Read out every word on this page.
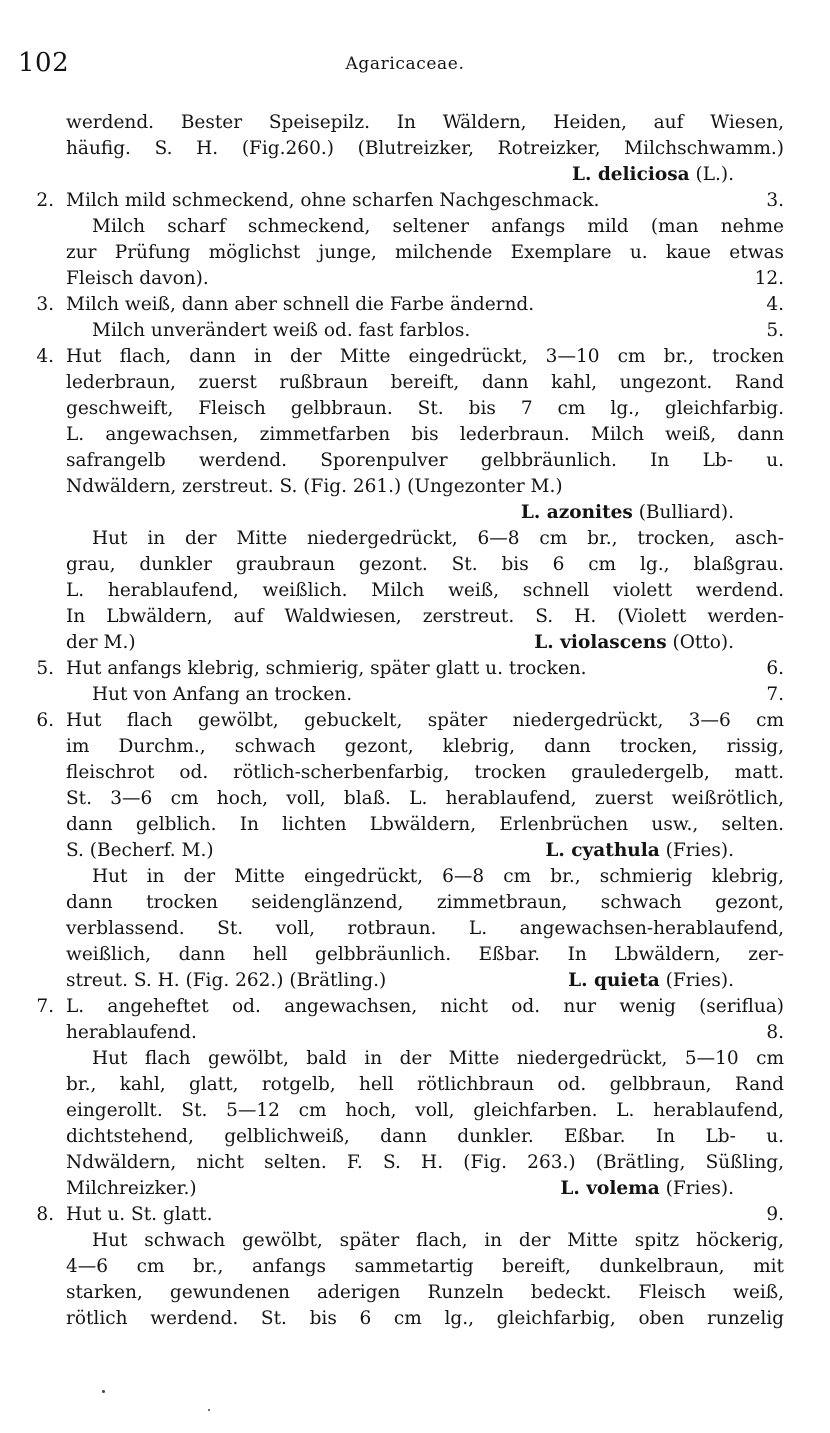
102	Agaricaceae.
werdend. Bester Speisepilz. In Wäldern, Heiden, auf Wiesen,
häufig. S. H. (Fig.260.) (Blutreizker, Rotreizker, Milchschwamm.)
L. deliciosa (L.).
2. Milch mild schmeckend, ohne scharfen Nachgeschmack.	3.
Milch scharf schmeckend, seltener anfangs mild (man nehme
zur Prüfung möglichst junge, milchende Exemplare u. kaue etwas
Fleisch davon).	12.
3. Milch weiß, dann aber schnell die Farbe ändernd.	4.
Milch unverändert weiß od. fast farblos.	5.
4. Hut flach, dann in der Mitte eingedrückt, 3—10 cm br., trocken
lederbraun, zuerst rußbraun bereift, dann kahl, ungezont. Rand
geschweift, Fleisch gelbbraun. St. bis 7 cm lg., gleichfarbig.
L. angewachsen, zimmetfarben bis lederbraun. Milch weiß, dann
safrangelb werdend. Sporenpulver gelbbräunlich. In Lb- u.
Ndwäldern, zerstreut. S. (Fig. 261.) (Ungezonter M.)
L. azonites (Bulliard).
Hut in der Mitte niedergedrückt, 6—8 cm br., trocken, asch-
grau, dunkler graubraun gezont. St. bis 6 cm lg., blaßgrau.
L. herablaufend, weißlich. Milch weiß, schnell violett werdend.
In Lbwäldern, auf Waldwiesen, zerstreut. S. H. (Violett werden-
der M.)	L. violascens (Otto).
5. Hut anfangs klebrig, schmierig, später glatt u. trocken.	6.
Hut von Anfang an trocken.	7.
6. Hut flach gewölbt, gebuckelt, später niedergedrückt, 3—6 cm
im Durchm., schwach gezont, klebrig, dann trocken, rissig,
fleischrot od. rötlich-scherbenfarbig, trocken grauledergelb, matt.
St. 3—6 cm hoch, voll, blaß. L. herablaufend, zuerst weißrötlich,
dann gelblich. In lichten Lbwäldern, Erlenbrüchen usw., selten.
S. (Becherf. M.)	L. cyathula (Fries).
Hut in der Mitte eingedrückt, 6—8 cm br., schmierig klebrig,
dann trocken seidenglänzend, zimmetbraun, schwach gezont,
verblassend. St. voll, rotbraun. L. angewachsen-herablaufend,
weißlich, dann hell gelbbräunlich. Eßbar. In Lbwäldern, zer-
streut. S. H. (Fig. 262.) (Brätling.)	L. quieta (Fries).
7. L. angeheftet od. angewachsen, nicht od. nur wenig (seriflua)
herablaufend.	8.
Hut flach gewölbt, bald in der Mitte niedergedrückt, 5—10 cm
br., kahl, glatt, rotgelb, hell rötlichbraun od. gelbbraun, Rand
eingerollt. St. 5—12 cm hoch, voll, gleichfarben. L. herablaufend,
dichtstehend, gelblichweiß, dann dunkler. Eßbar. In Lb- u.
Ndwäldern, nicht selten. F. S. H. (Fig. 263.) (Brätling, Süßling,
Milchreizker.)	L. volema (Fries).
8. Hut u. St. glatt.	9.
Hut schwach gewölbt, später flach, in der Mitte spitz höckerig,
4—6 cm br., anfangs sammetartig bereift, dunkelbraun, mit
starken, gewundenen aderigen Runzeln bedeckt. Fleisch weiß,
rötlich werdend. St. bis 6 cm lg., gleichfarbig, oben runzelig
